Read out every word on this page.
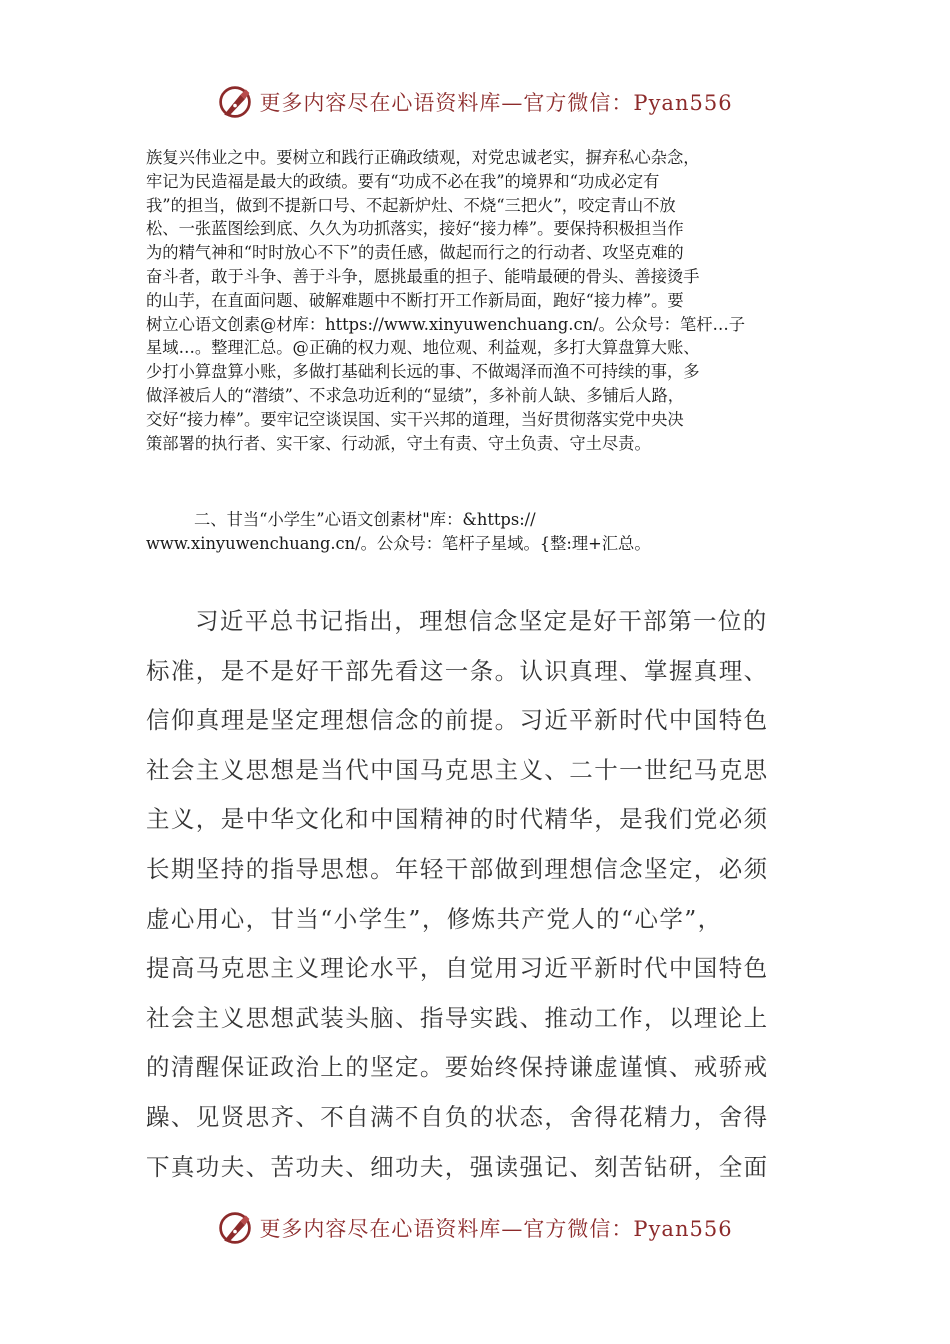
更多内容尽在心语资料库—官方微信：Pyan556
族复兴伟业之中。要树立和践行正确政绩观，对党忠诚老实，摒弃私心杂念，
牢记为民造福是最大的政绩。要有“功成不必在我”的境界和“功成必定有
我”的担当，做到不提新口号、不起新炉灶、不烧“三把火”，咬定青山不放
松、一张蓝图绘到底、久久为功抓落实，接好“接力棒”。要保持积极担当作
为的精气神和“时时放心不下”的责任感，做起而行之的行动者、攻坚克难的
奋斗者，敢于斗争、善于斗争，愿挑最重的担子、能啃最硬的骨头、善接烫手
的山芋，在直面问题、破解难题中不断打开工作新局面，跑好“接力棒”。要
树立心语文创素@材库：https://www.xinyuwenchuang.cn/。公众号：笔杆…子
星域…。整理汇总。@正确的权力观、地位观、利益观，多打大算盘算大账、
少打小算盘算小账，多做打基础利长远的事、不做竭泽而渔不可持续的事，多
做泽被后人的“潜绩”、不求急功近利的“显绩”，多补前人缺、多铺后人路，
交好“接力棒”。要牢记空谈误国、实干兴邦的道理，当好贯彻落实党中央决
策部署的执行者、实干家、行动派，守土有责、守土负责、守土尽责。
二、甘当“小学生”心语文创素材"库：&https://
www.xinyuwenchuang.cn/。公众号：笔杆子星域。{整:理+汇总。
习近平总书记指出，理想信念坚定是好干部第一位的
标准，是不是好干部先看这一条。认识真理、掌握真理、
信仰真理是坚定理想信念的前提。习近平新时代中国特色
社会主义思想是当代中国马克思主义、二十一世纪马克思
主义，是中华文化和中国精神的时代精华，是我们党必须
长期坚持的指导思想。年轻干部做到理想信念坚定，必须
虚心用心，甘当“小学生”，修炼共产党人的“心学”，
提高马克思主义理论水平，自觉用习近平新时代中国特色
社会主义思想武装头脑、指导实践、推动工作，以理论上
的清醒保证政治上的坚定。要始终保持谦虚谨慎、戒骄戒
躁、见贤思齐、不自满不自负的状态，舍得花精力，舍得
下真功夫、苦功夫、细功夫，强读强记、刻苦钻研，全面
更多内容尽在心语资料库—官方微信：Pyan556
